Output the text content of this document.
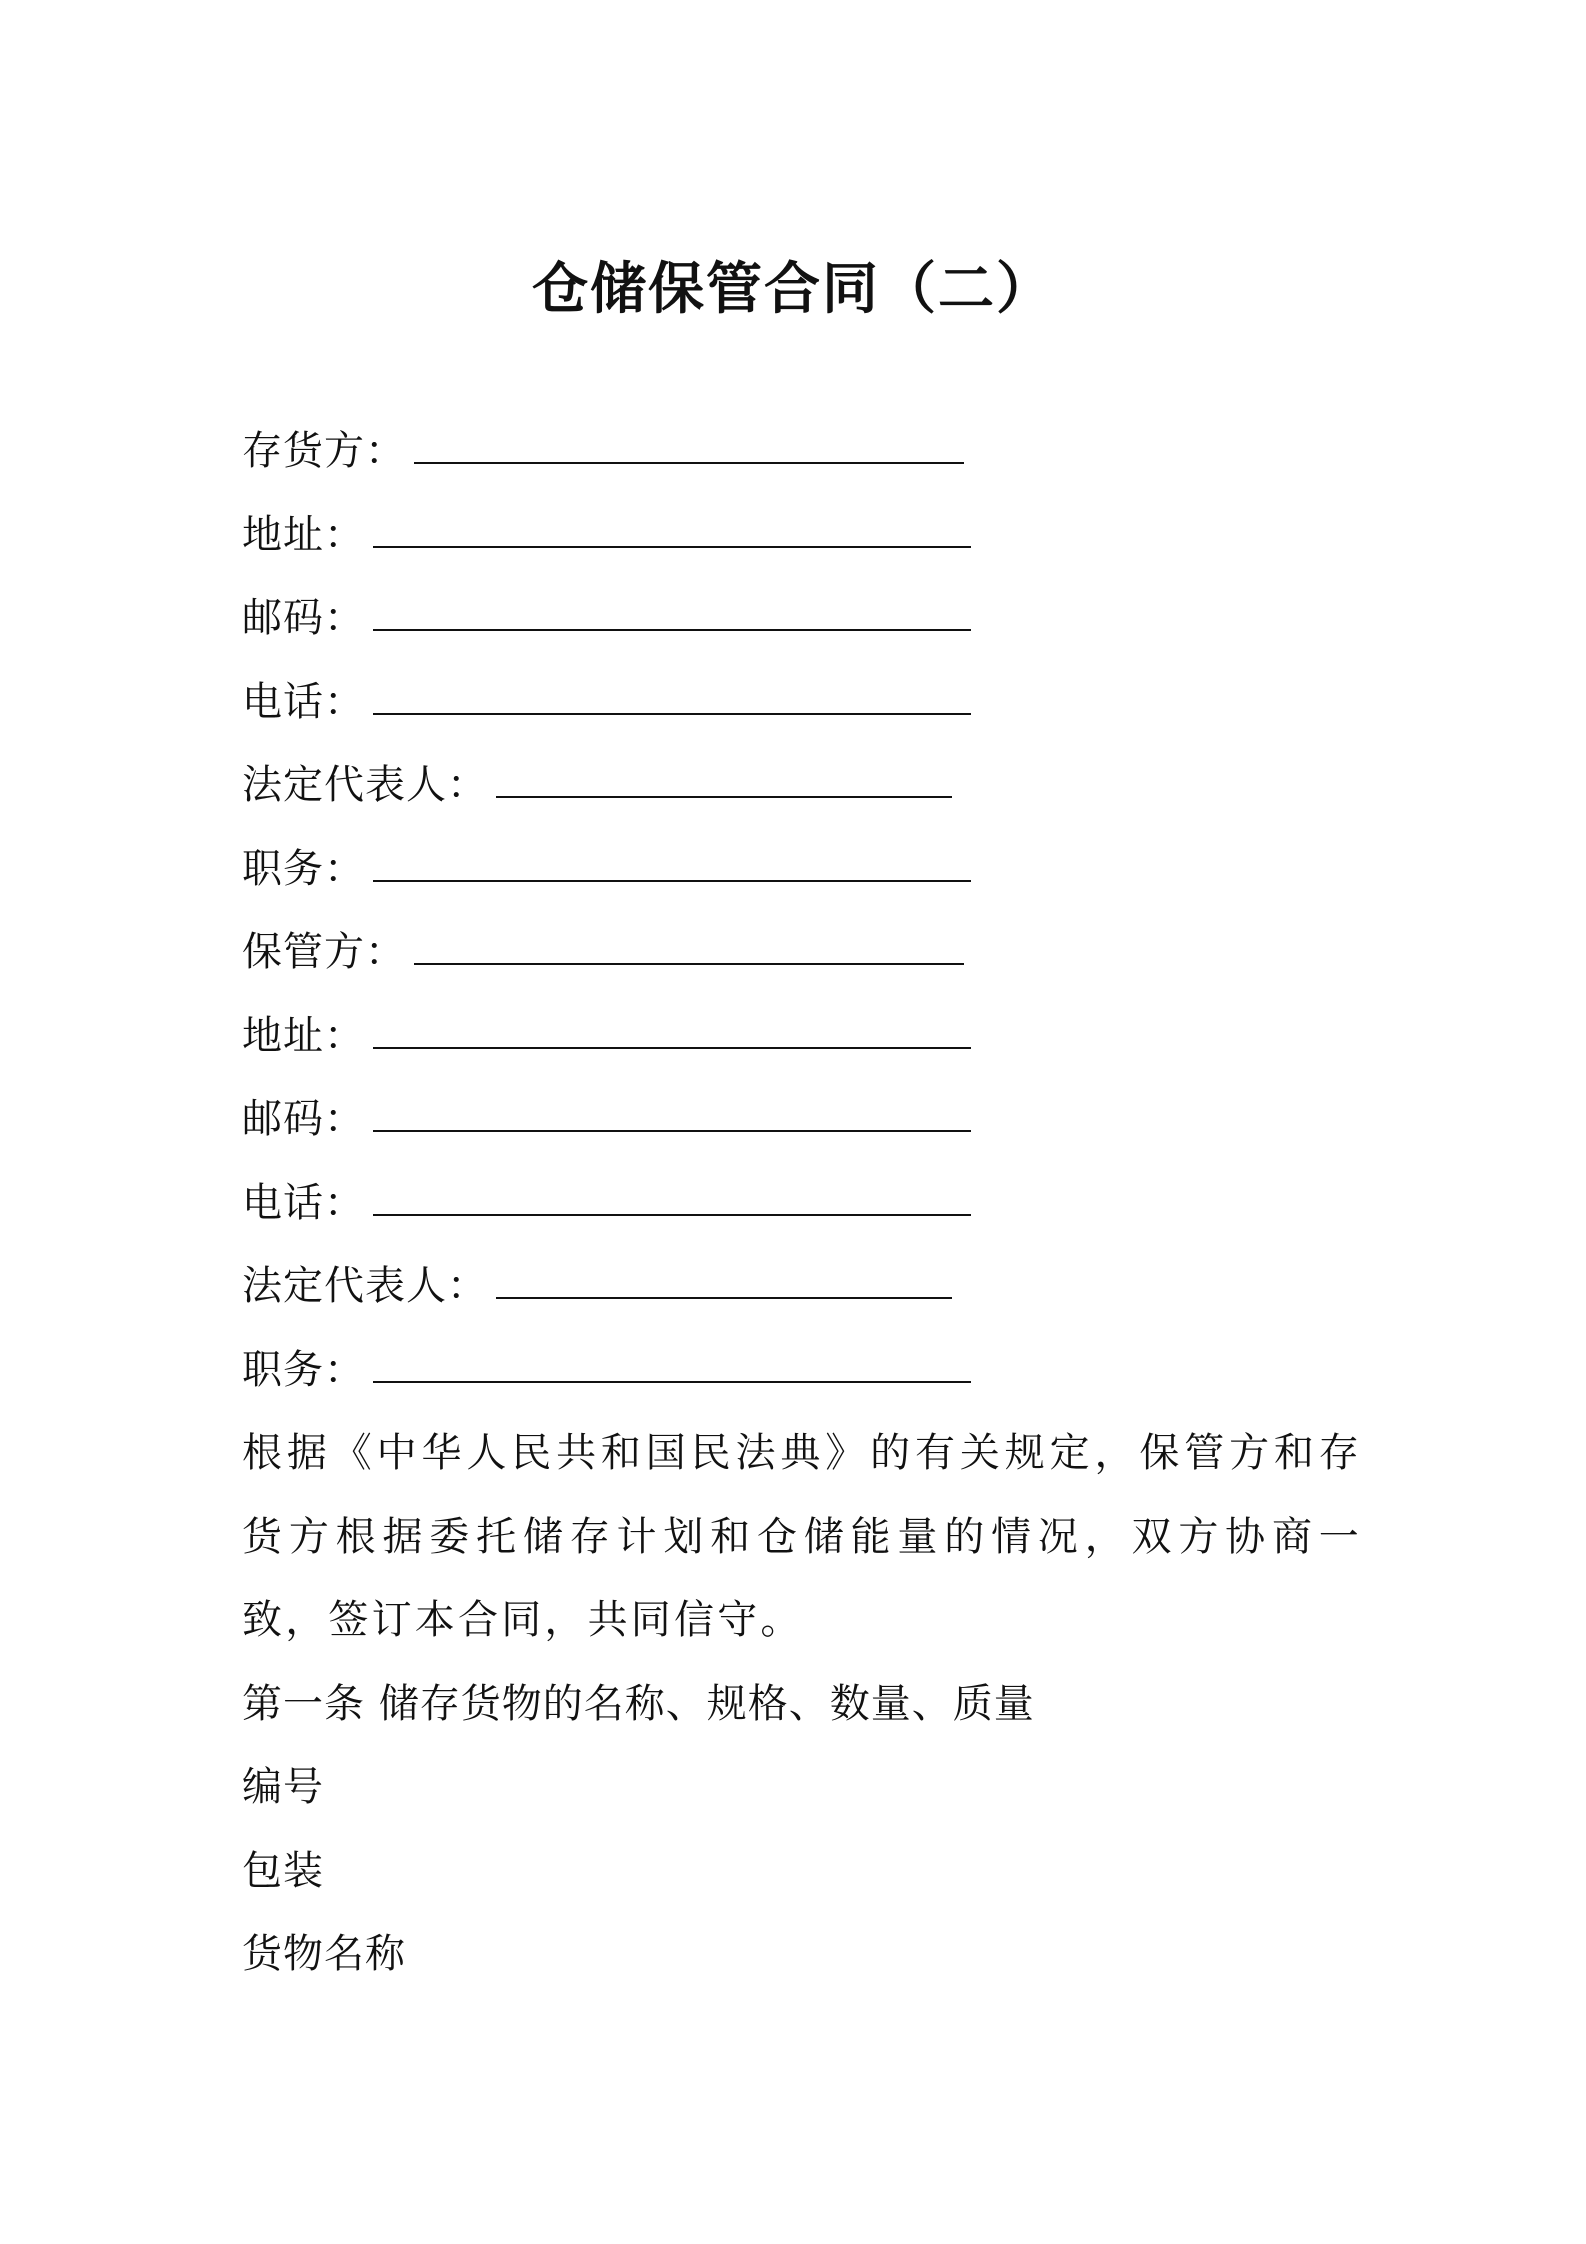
仓储保管合同（二）
存货方：
地址：
邮码：
电话：
法定代表人：
职务：
保管方：
地址：
邮码：
电话：
法定代表人：
职务：

根据《中华人民共和国民法典》的有关规定，保管方和存货方根据委托储存计划和仓储能量的情况，双方协商一致，签订本合同，共同信守。

第一条 储存货物的名称、规格、数量、质量
编号
包装
货物名称
